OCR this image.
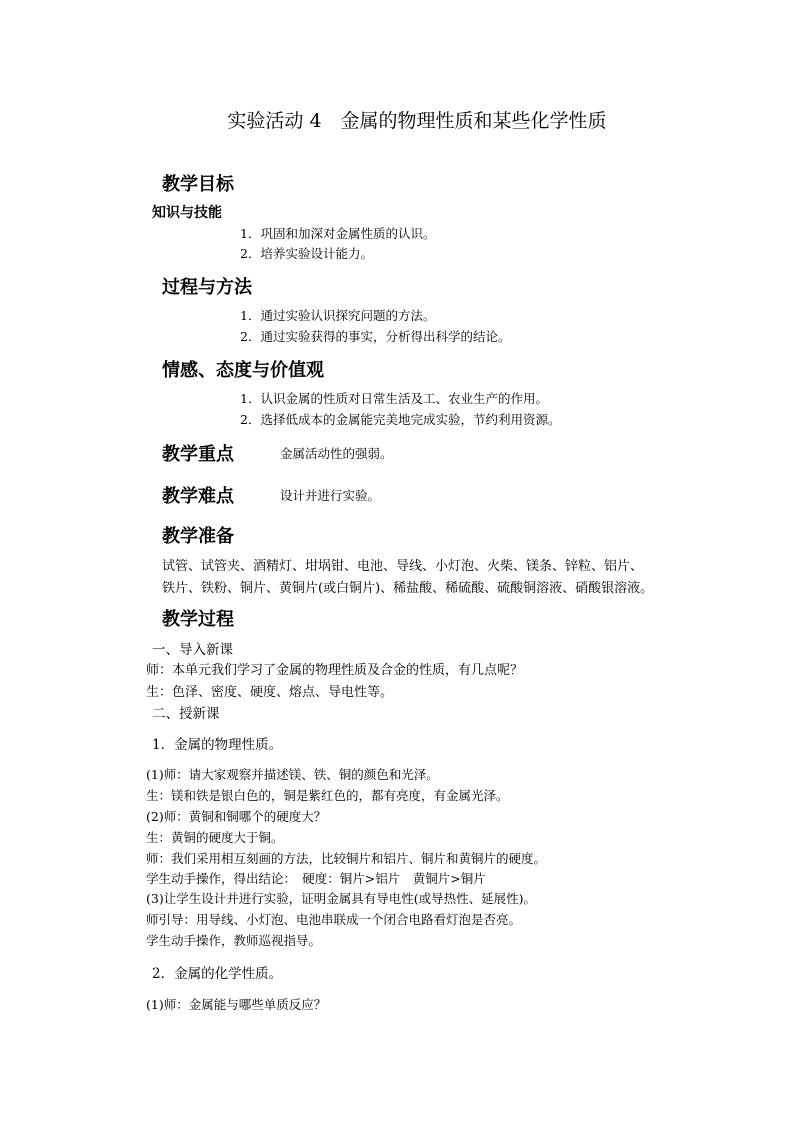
实验活动 4　金属的物理性质和某些化学性质
教学目标
知识与技能
1．巩固和加深对金属性质的认识。
2．培养实验设计能力。
过程与方法
1．通过实验认识探究问题的方法。
2．通过实验获得的事实，分析得出科学的结论。
情感、态度与价值观
1．认识金属的性质对日常生活及工、农业生产的作用。
2．选择低成本的金属能完美地完成实验，节约利用资源。
教学重点	金属活动性的强弱。
教学难点	设计并进行实验。
教学准备
试管、试管夹、酒精灯、坩埚钳、电池、导线、小灯泡、火柴、镁条、锌粒、铝片、
铁片、铁粉、铜片、黄铜片(或白铜片)、稀盐酸、稀硫酸、硫酸铜溶液、硝酸银溶液。
教学过程
一、导入新课
师：本单元我们学习了金属的物理性质及合金的性质，有几点呢？
生：色泽、密度、硬度、熔点、导电性等。
二、授新课
1．金属的物理性质。
(1)师：请大家观察并描述镁、铁、铜的颜色和光泽。
生：镁和铁是银白色的，铜是紫红色的，都有亮度，有金属光泽。
(2)师：黄铜和铜哪个的硬度大？
生：黄铜的硬度大于铜。
师：我们采用相互刻画的方法，比较铜片和铝片、铜片和黄铜片的硬度。
学生动手操作，得出结论：　硬度：铜片>铝片　黄铜片>铜片
(3)让学生设计并进行实验，证明金属具有导电性(或导热性、延展性)。
师引导：用导线、小灯泡、电池串联成一个闭合电路看灯泡是否亮。
学生动手操作，教师巡视指导。
2．金属的化学性质。
(1)师：金属能与哪些单质反应？
